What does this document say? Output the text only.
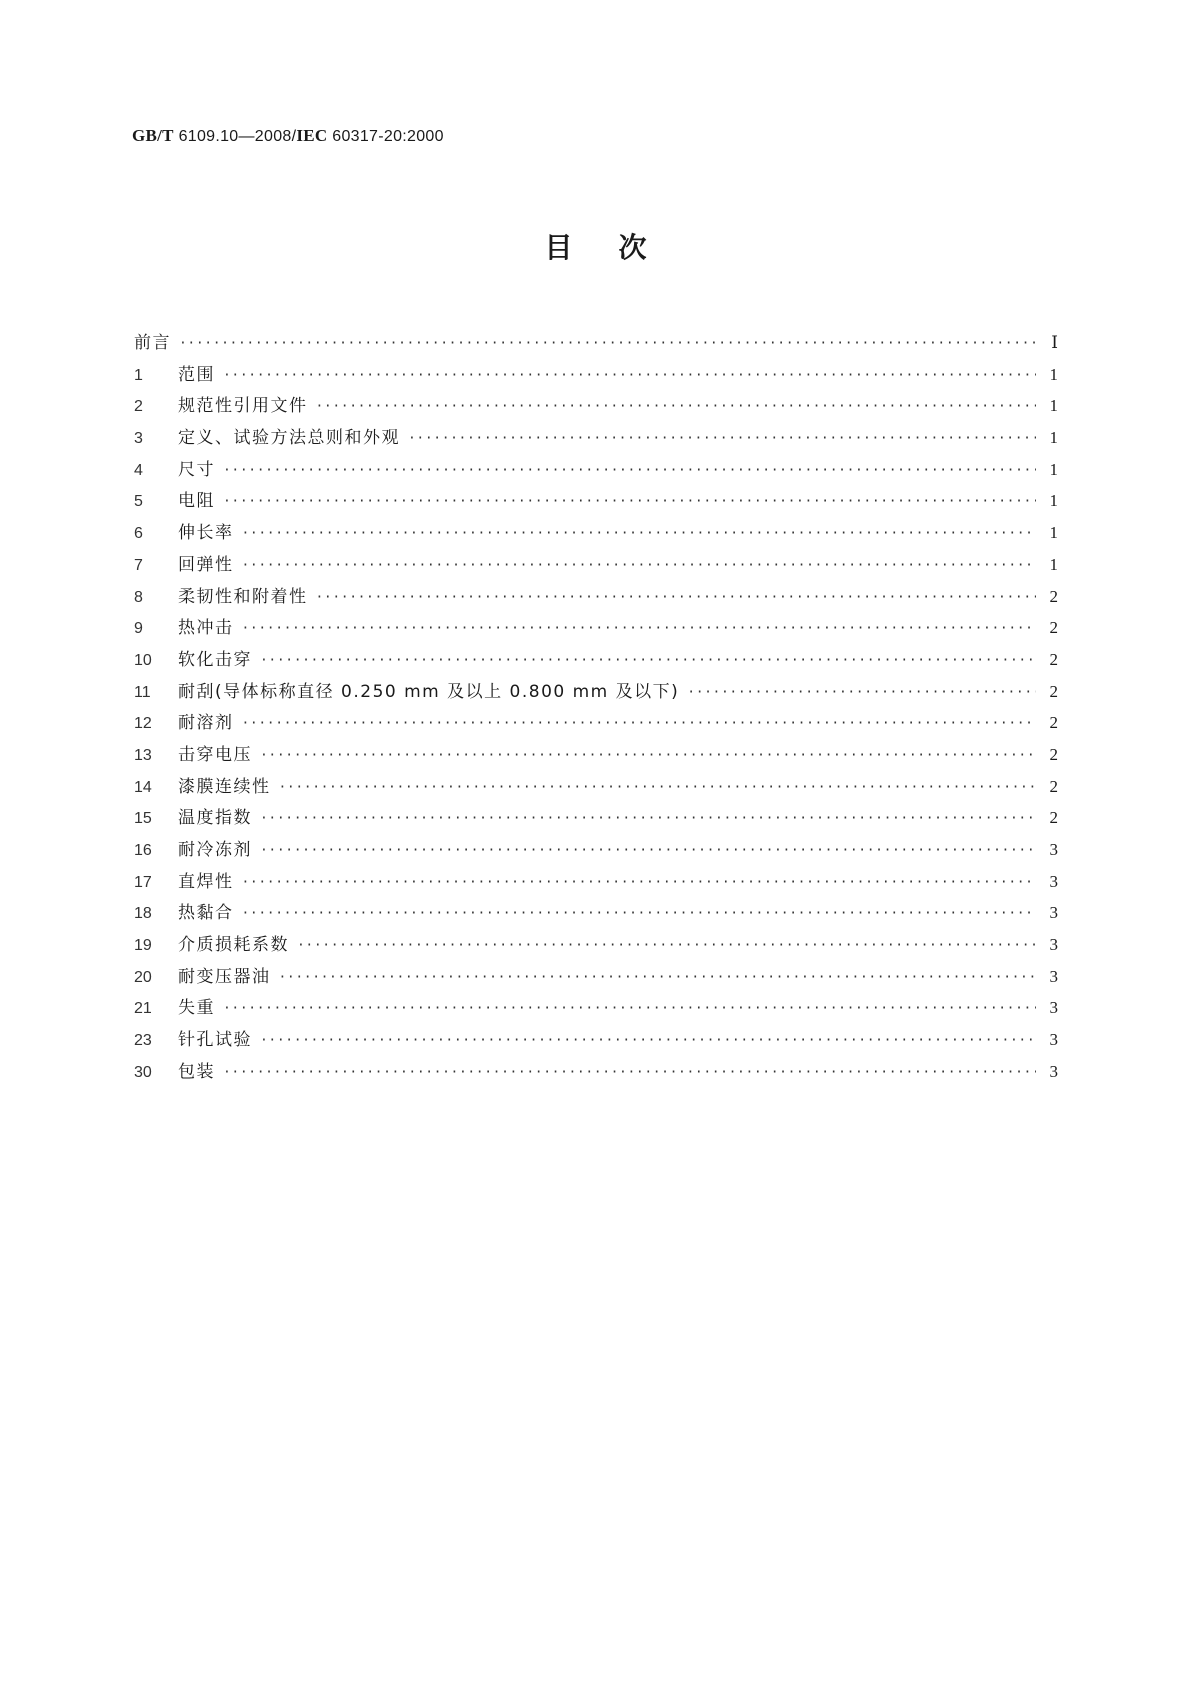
GB/T 6109.10—2008/IEC 60317-20:2000
目次
前言 ·····	Ⅰ
1	范围 ·····	1
2	规范性引用文件 ·····	1
3	定义、试验方法总则和外观 ·····	1
4	尺寸 ·····	1
5	电阻 ·····	1
6	伸长率 ·····	1
7	回弹性 ·····	1
8	柔韧性和附着性 ·····	2
9	热冲击 ·····	2
10	软化击穿 ·····	2
11	耐刮(导体标称直径 0.250 mm 及以上 0.800 mm 及以下) ·····	2
12	耐溶剂 ·····	2
13	击穿电压 ·····	2
14	漆膜连续性 ·····	2
15	温度指数 ·····	2
16	耐冷冻剂 ·····	3
17	直焊性 ·····	3
18	热黏合 ·····	3
19	介质损耗系数 ·····	3
20	耐变压器油 ·····	3
21	失重 ·····	3
23	针孔试验 ·····	3
30	包装 ·····	3
